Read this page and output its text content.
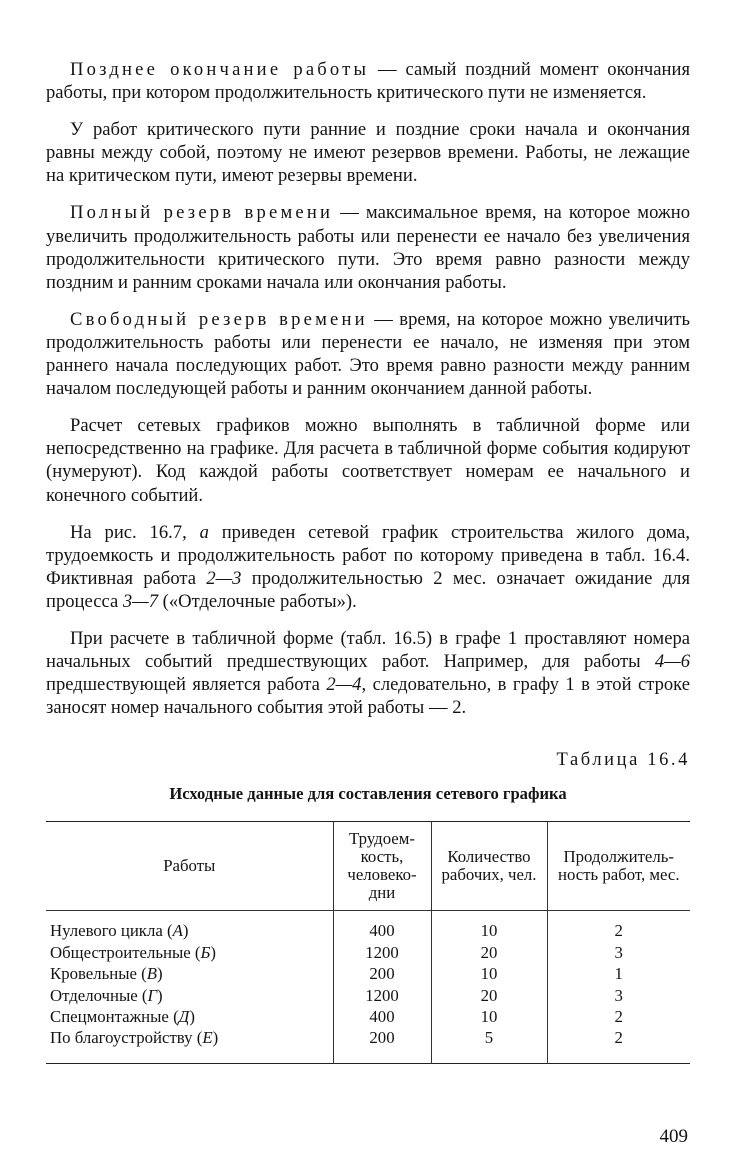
Позднее окончание работы — самый поздний момент окончания работы, при котором продолжительность критического пути не изменяется.

У работ критического пути ранние и поздние сроки начала и окончания равны между собой, поэтому не имеют резервов времени. Работы, не лежащие на критическом пути, имеют резервы времени.

Полный резерв времени — максимальное время, на которое можно увеличить продолжительность работы или перенести ее начало без увеличения продолжительности критического пути. Это время равно разности между поздним и ранним сроками начала или окончания работы.

Свободный резерв времени — время, на которое можно увеличить продолжительность работы или перенести ее начало, не изменяя при этом раннего начала последующих работ. Это время равно разности между ранним началом последующей работы и ранним окончанием данной работы.

Расчет сетевых графиков можно выполнять в табличной форме или непосредственно на графике. Для расчета в табличной форме события кодируют (нумеруют). Код каждой работы соответствует номерам ее начального и конечного событий.

На рис. 16.7, а приведен сетевой график строительства жилого дома, трудоемкость и продолжительность работ по которому приведена в табл. 16.4. Фиктивная работа 2—3 продолжительностью 2 мес. означает ожидание для процесса 3—7 («Отделочные работы»).

При расчете в табличной форме (табл. 16.5) в графе 1 проставляют номера начальных событий предшествующих работ. Например, для работы 4—6 предшествующей является работа 2—4, следовательно, в графу 1 в этой строке заносят номер начального события этой работы — 2.

Таблица 16.4
Исходные данные для составления сетевого графика
Работы	Трудоем-кость, человеко-дни	Количество рабочих, чел.	Продолжитель-ность работ, мес.
Нулевого цикла (А)	400	10	2
Общестроительные (Б)	1200	20	3
Кровельные (В)	200	10	1
Отделочные (Г)	1200	20	3
Спецмонтажные (Д)	400	10	2
По благоустройству (Е)	200	5	2
409
